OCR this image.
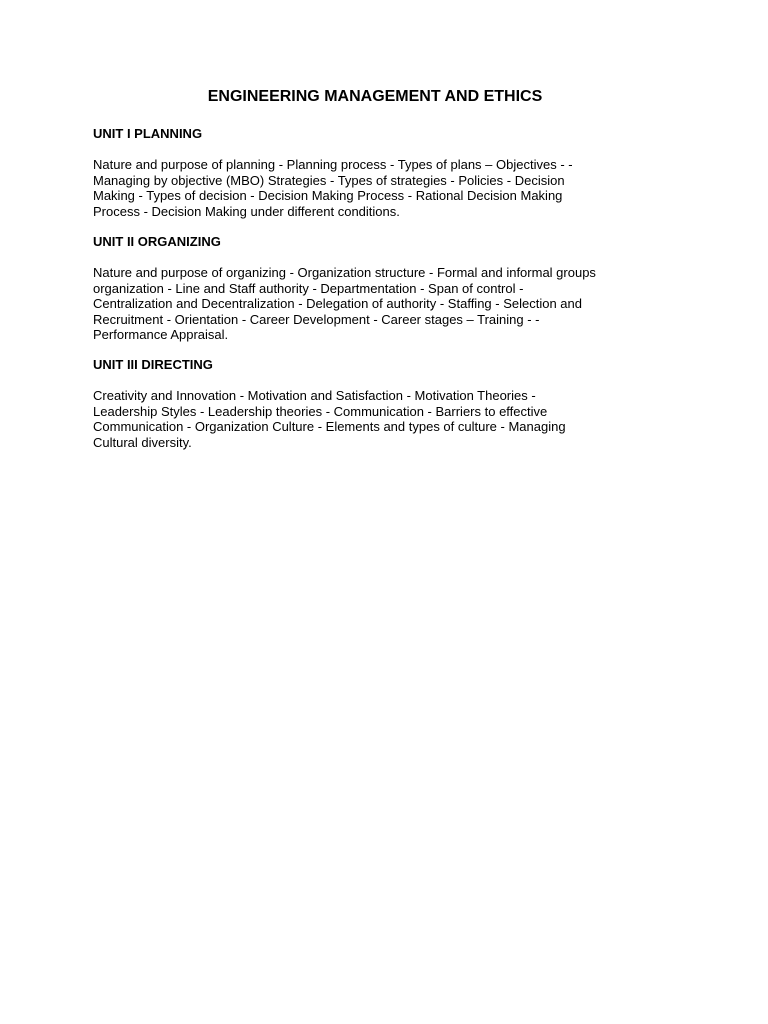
ENGINEERING MANAGEMENT AND ETHICS
UNIT I PLANNING

Nature and purpose of planning - Planning process - Types of plans – Objectives - -
Managing by objective (MBO) Strategies - Types of strategies - Policies - Decision
Making - Types of decision - Decision Making Process - Rational Decision Making
Process - Decision Making under different conditions.

UNIT II ORGANIZING

Nature and purpose of organizing - Organization structure - Formal and informal groups
organization - Line and Staff authority - Departmentation - Span of control -
Centralization and Decentralization - Delegation of authority - Staffing - Selection and
Recruitment - Orientation - Career Development - Career stages – Training - -
Performance Appraisal.

UNIT III DIRECTING

Creativity and Innovation - Motivation and Satisfaction - Motivation Theories -
Leadership Styles - Leadership theories - Communication - Barriers to effective
Communication - Organization Culture - Elements and types of culture - Managing
Cultural diversity.
